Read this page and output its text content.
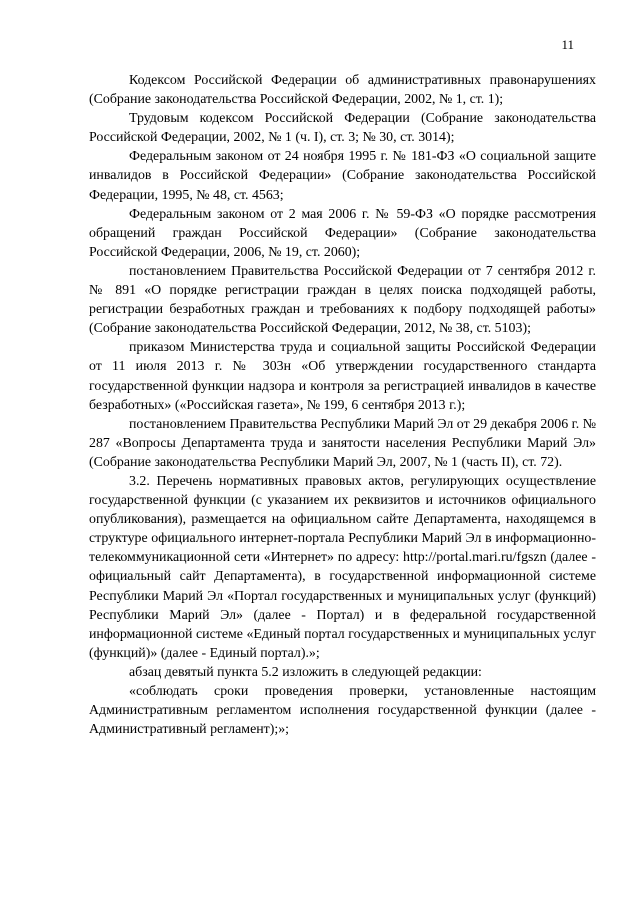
11

Кодексом Российской Федерации об административных правонарушениях (Собрание законодательства Российской Федерации, 2002, № 1, ст. 1);

Трудовым кодексом Российской Федерации (Собрание законодательства Российской Федерации, 2002, № 1 (ч. I), ст. 3; № 30, ст. 3014);

Федеральным законом от 24 ноября 1995 г. № 181-ФЗ «О социальной защите инвалидов в Российской Федерации» (Собрание законодательства Российской Федерации, 1995, № 48, ст. 4563;

Федеральным законом от 2 мая 2006 г. № 59-ФЗ «О порядке рассмотрения обращений граждан Российской Федерации» (Собрание законодательства Российской Федерации, 2006, № 19, ст. 2060);

постановлением Правительства Российской Федерации от 7 сентября 2012 г. № 891 «О порядке регистрации граждан в целях поиска подходящей работы, регистрации безработных граждан и требованиях к подбору подходящей работы» (Собрание законодательства Российской Федерации, 2012, № 38, ст. 5103);

приказом Министерства труда и социальной защиты Российской Федерации от 11 июля 2013 г. № 303н «Об утверждении государственного стандарта государственной функции надзора и контроля за регистрацией инвалидов в качестве безработных» («Российская газета», № 199, 6 сентября 2013 г.);

постановлением Правительства Республики Марий Эл от 29 декабря 2006 г. № 287 «Вопросы Департамента труда и занятости населения Республики Марий Эл» (Собрание законодательства Республики Марий Эл, 2007, № 1 (часть II), ст. 72).

3.2. Перечень нормативных правовых актов, регулирующих осуществление государственной функции (с указанием их реквизитов и источников официального опубликования), размещается на официальном сайте Департамента, находящемся в структуре официального интернет-портала Республики Марий Эл в информационно-телекоммуникационной сети «Интернет» по адресу: http://portal.mari.ru/fgszn (далее - официальный сайт Департамента), в государственной информационной системе Республики Марий Эл «Портал государственных и муниципальных услуг (функций) Республики Марий Эл» (далее - Портал) и в федеральной государственной информационной системе «Единый портал государственных и муниципальных услуг (функций)» (далее - Единый портал).»;

абзац девятый пункта 5.2 изложить в следующей редакции:

«соблюдать сроки проведения проверки, установленные настоящим Административным регламентом исполнения государственной функции (далее - Административный регламент);»;
